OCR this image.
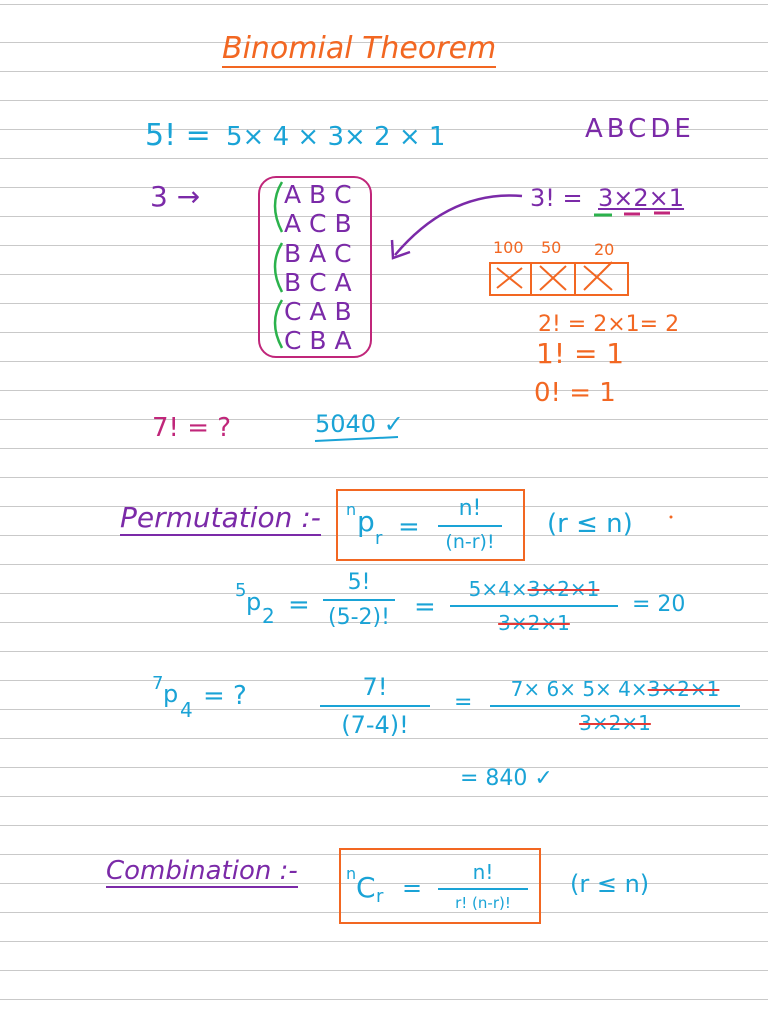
Binomial Theorem
5! = 5× 4 × 3× 2 × 1	ABCDE
3 →	A B C
A C B
B A C
B C A
C A B
C B A
3! = 3×2×1
100 50 20
2! = 2×1= 2
1! = 1
0! = 1
7! = ?	5040 ✓
Permutation :- n p
r =
n!
(n-r)!
(r ≤ n)
5 p 2 =
5!
(5-2)! =
5×4×3×2×1
3×2×1
= 20
7 p
4 = ?	7!
(7-4)!
=
7× 6× 5× 4×3×2×1
3×2×1
= 840 ✓
Combination :-	n C r =
n!
r! (n-r)!
(r ≤ n)
